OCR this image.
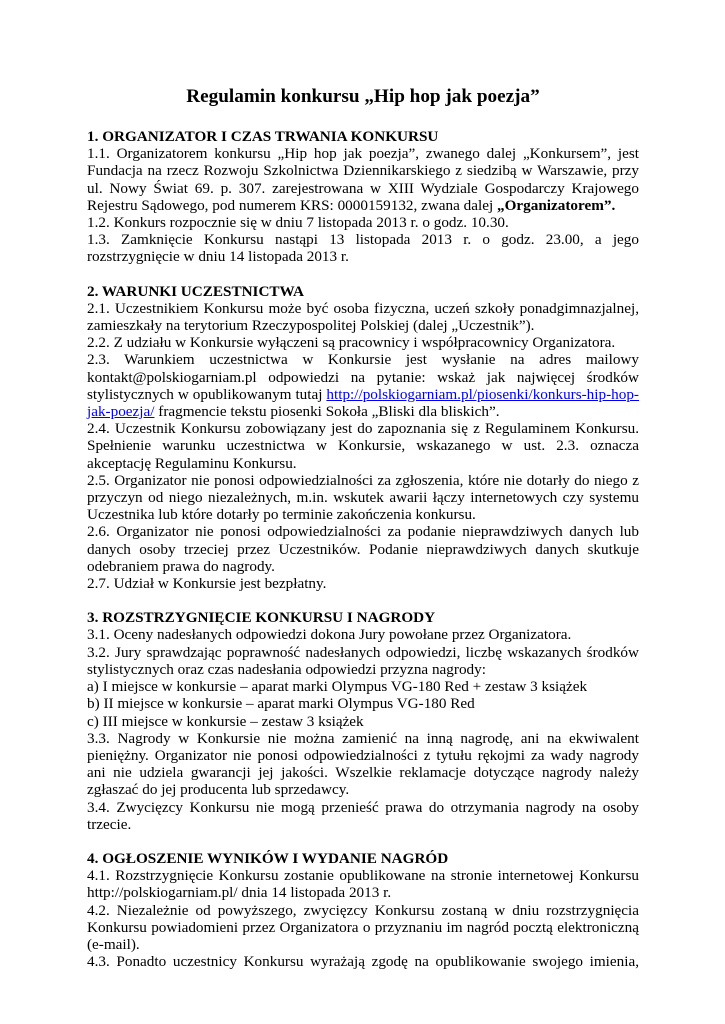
Regulamin konkursu „Hip hop jak poezja”
1. ORGANIZATOR I CZAS TRWANIA KONKURSU
1.1. Organizatorem konkursu „Hip hop jak poezja”, zwanego dalej „Konkursem”, jest Fundacja na rzecz Rozwoju Szkolnictwa Dziennikarskiego z siedzibą w Warszawie, przy ul. Nowy Świat 69. p. 307. zarejestrowana w XIII Wydziale Gospodarczy Krajowego Rejestru Sądowego, pod numerem KRS: 0000159132, zwana dalej „Organizatorem”.
1.2. Konkurs rozpocznie się w dniu 7 listopada 2013 r. o godz. 10.30.
1.3. Zamknięcie Konkursu nastąpi 13 listopada 2013 r. o godz. 23.00, a jego rozstrzygnięcie w dniu 14 listopada 2013 r.
2. WARUNKI UCZESTNICTWA
2.1. Uczestnikiem Konkursu może być osoba fizyczna, uczeń szkoły ponadgimnazjalnej, zamieszkały na terytorium Rzeczypospolitej Polskiej (dalej „Uczestnik”).
2.2. Z udziału w Konkursie wyłączeni są pracownicy i współpracownicy Organizatora.
2.3. Warunkiem uczestnictwa w Konkursie jest wysłanie na adres mailowy kontakt@polskiogarniam.pl odpowiedzi na pytanie: wskaż jak najwięcej środków stylistycznych w opublikowanym tutaj http://polskiogarniam.pl/piosenki/konkurs-hip-hop-jak-poezja/ fragmencie tekstu piosenki Sokoła „Bliski dla bliskich”.
2.4. Uczestnik Konkursu zobowiązany jest do zapoznania się z Regulaminem Konkursu. Spełnienie warunku uczestnictwa w Konkursie, wskazanego w ust. 2.3. oznacza akceptację Regulaminu Konkursu.
2.5. Organizator nie ponosi odpowiedzialności za zgłoszenia, które nie dotarły do niego z przyczyn od niego niezależnych, m.in. wskutek awarii łączy internetowych czy systemu Uczestnika lub które dotarły po terminie zakończenia konkursu.
2.6. Organizator nie ponosi odpowiedzialności za podanie nieprawdziwych danych lub danych osoby trzeciej przez Uczestników. Podanie nieprawdziwych danych skutkuje odebraniem prawa do nagrody.
2.7. Udział w Konkursie jest bezpłatny.
3. ROZSTRZYGNIĘCIE KONKURSU I NAGRODY
3.1. Oceny nadesłanych odpowiedzi dokona Jury powołane przez Organizatora.
3.2. Jury sprawdzając poprawność nadesłanych odpowiedzi, liczbę wskazanych środków stylistycznych oraz czas nadesłania odpowiedzi przyzna nagrody:
a) I miejsce w konkursie – aparat marki Olympus VG-180 Red + zestaw 3 książek
b) II miejsce w konkursie – aparat marki Olympus VG-180 Red
c) III miejsce w konkursie – zestaw 3 książek
3.3. Nagrody w Konkursie nie można zamienić na inną nagrodę, ani na ekwiwalent pieniężny. Organizator nie ponosi odpowiedzialności z tytułu rękojmi za wady nagrody ani nie udziela gwarancji jej jakości. Wszelkie reklamacje dotyczące nagrody należy zgłaszać do jej producenta lub sprzedawcy.
3.4. Zwycięzcy Konkursu nie mogą przenieść prawa do otrzymania nagrody na osoby trzecie.
4. OGŁOSZENIE WYNIKÓW I WYDANIE NAGRÓD
4.1. Rozstrzygnięcie Konkursu zostanie opublikowane na stronie internetowej Konkursu http://polskiogarniam.pl/ dnia 14 listopada 2013 r.
4.2. Niezależnie od powyższego, zwycięzcy Konkursu zostaną w dniu rozstrzygnięcia Konkursu powiadomieni przez Organizatora o przyznaniu im nagród pocztą elektroniczną (e-mail).
4.3. Ponadto uczestnicy Konkursu wyrażają zgodę na opublikowanie swojego imienia,
